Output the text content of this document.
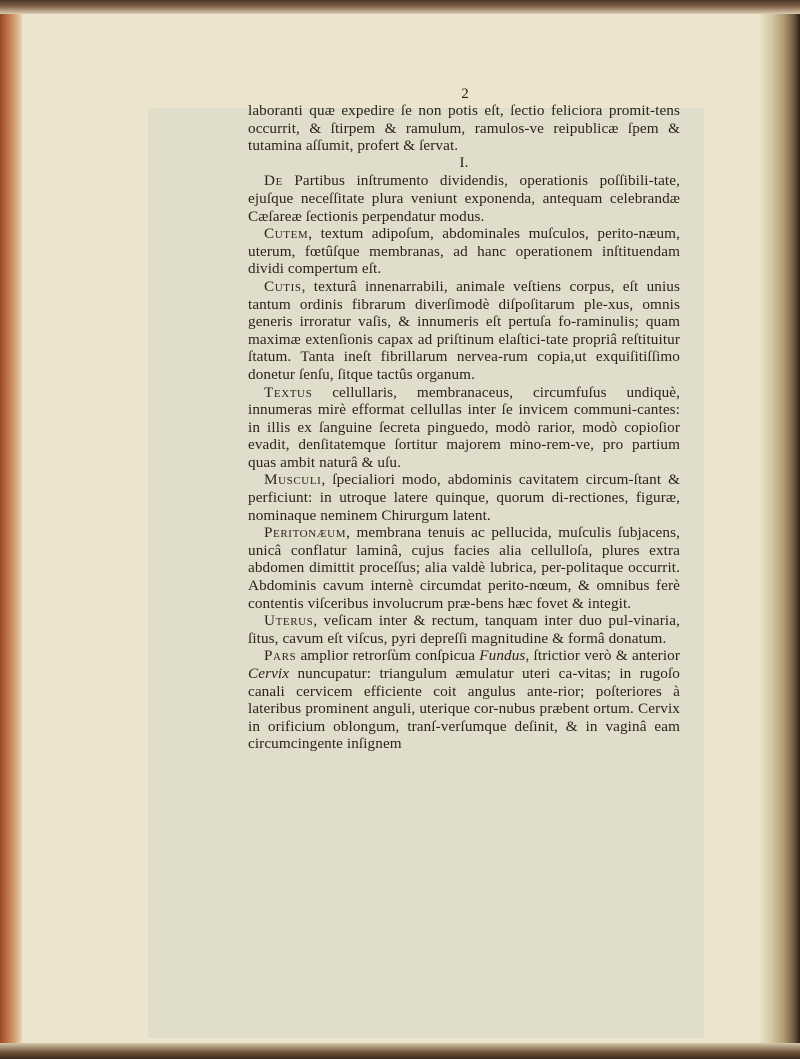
2

laboranti quæ expedire ſe non potis eſt, ſectio feliciora promit-tens occurrit, & ſtirpem & ramulum, ramulos-ve reipublicæ ſpem & tutamina aſſumit, profert & ſervat.

I.

De Partibus inſtrumento dividendis, operationis poſſibili-tate, ejuſque neceſſitate plura veniunt exponenda, antequam celebrandæ Cæſareæ ſectionis perpendatur modus.

Cutem, textum adipoſum, abdominales muſculos, perito-næum, uterum, fœtûſque membranas, ad hanc operationem inſtituendam dividi compertum eſt.

Cutis, texturâ innenarrabili, animale veſtiens corpus, eſt unius tantum ordinis fibrarum diverſimodè diſpoſitarum ple-xus, omnis generis irroratur vaſis, & innumeris eſt pertuſa fo-raminulis; quam maximæ extenſionis capax ad priſtinum elaſtici-tate propriâ reſtituitur ſtatum. Tanta ineſt fibrillarum nervea-rum copia,ut exquiſitiſſimo donetur ſenſu, ſitque tactûs organum.

Textus cellullaris, membranaceus, circumfuſus undiquè, innumeras mirè efformat cellullas inter ſe invicem communi-cantes: in illis ex ſanguine ſecreta pinguedo, modò rarior, modò copioſior evadit, denſitatemque ſortitur majorem mino-rem-ve, pro partium quas ambit naturâ & uſu.

Musculi, ſpecialiori modo, abdominis cavitatem circum-ſtant & perficiunt: in utroque latere quinque, quorum di-rectiones, figuræ, nominaque neminem Chirurgum latent.

Peritonæum, membrana tenuis ac pellucida, muſculis ſubjacens, unicâ conflatur laminâ, cujus facies alia cellulloſa, plures extra abdomen dimittit proceſſus; alia valdè lubrica, per-politaque occurrit. Abdominis cavum internè circumdat perito-nœum, & omnibus ferè contentis viſceribus involucrum præ-bens hæc fovet & integit.

Uterus, veſicam inter & rectum, tanquam inter duo pul-vinaria, ſitus, cavum eſt viſcus, pyri depreſſi magnitudine & formâ donatum.

Pars amplior retrorſùm conſpicua Fundus, ſtrictior verò & anterior Cervix nuncupatur: triangulum æmulatur uteri ca-vitas; in rugoſo canali cervicem efficiente coit angulus ante-rior; poſteriores à lateribus prominent anguli, uterique cor-nubus præbent ortum. Cervix in orificium oblongum, tranſ-verſumque deſinit, & in vaginâ eam circumcingente inſignem
